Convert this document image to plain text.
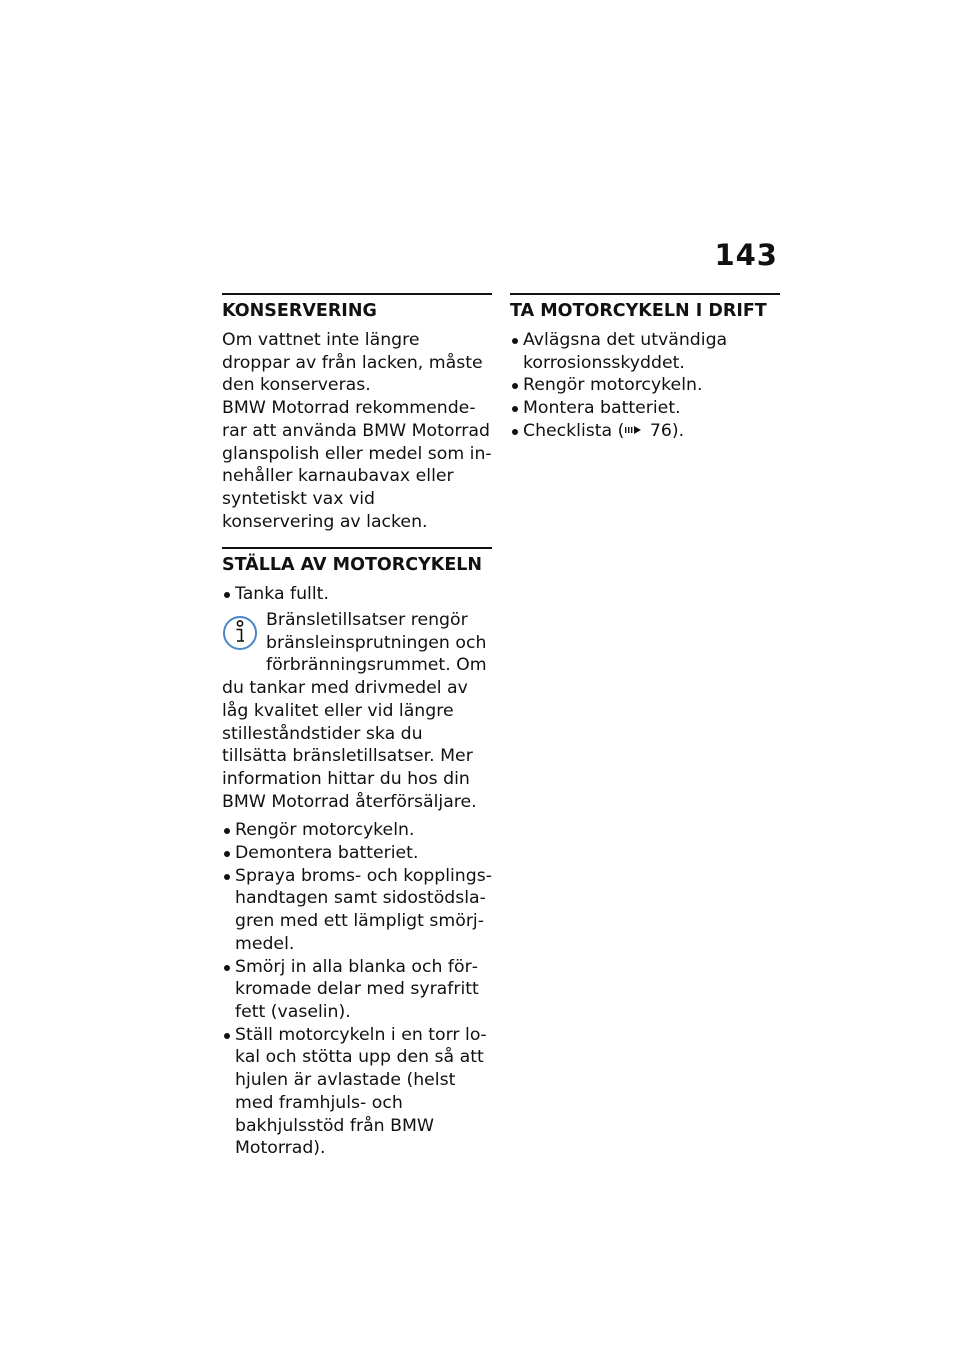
143
KONSERVERING

Om vattnet inte längre droppar av från lacken, måste den konserveras.

BMW Motorrad rekommenderar att använda BMW Motorrad glanspolish eller medel som innehåller karnaubavax eller syntetiskt vax vid konservering av lacken.

STÄLLA AV MOTORCYKELN
Tanka fullt.

Bränsletillsatser rengör bränsleinsprutningen och förbränningsrummet. Om du tankar med drivmedel av låg kvalitet eller vid längre stilleståndstider ska du tillsätta bränsletillsatser. Mer information hittar du hos din BMW Motorrad återförsäljare.

Rengör motorcykeln.
Demontera batteriet.
Spraya broms- och kopplingshandtagen samt sidostödslagren med ett lämpligt smörjmedel.
Smörj in alla blanka och förkromade delar med syrafritt fett (vaselin).
Ställ motorcykeln i en torr lokal och stötta upp den så att hjulen är avlastade (helst med framhjuls- och bakhjulsstöd från BMW Motorrad).
TA MOTORCYKELN I DRIFT
Avlägsna det utvändiga korrosionsskyddet.
Rengör motorcykeln.
Montera batteriet.
Checklista ( 76).
